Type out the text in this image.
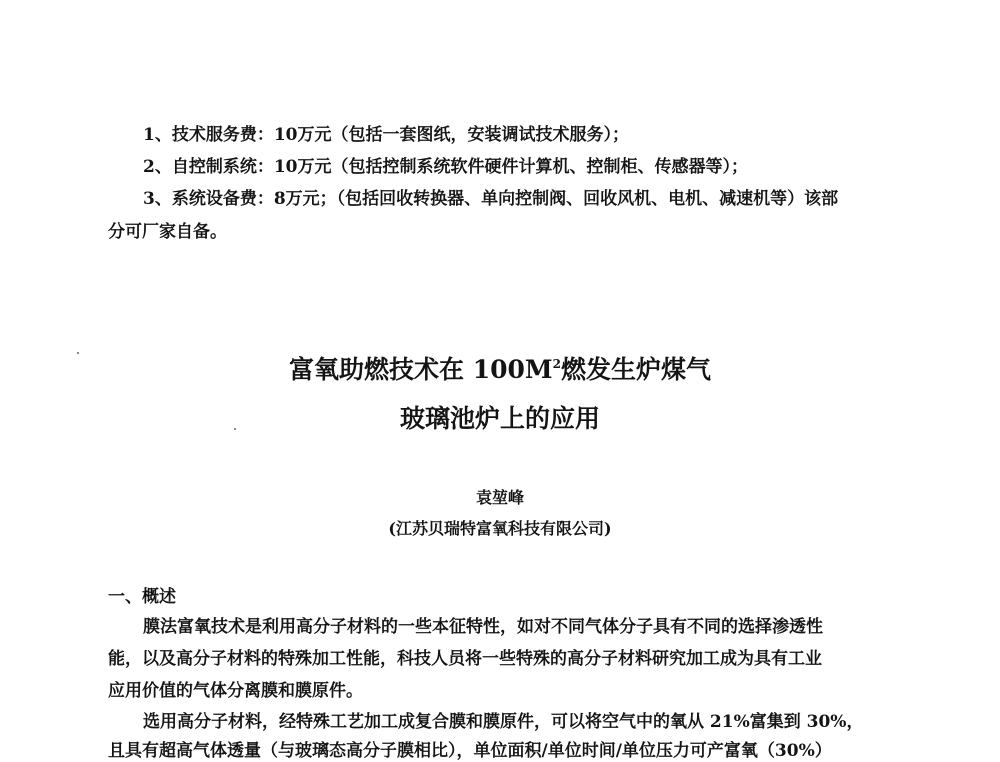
1、技术服务费：10万元（包括一套图纸，安装调试技术服务）；
2、自控制系统：10万元（包括控制系统软件硬件计算机、控制柜、传感器等）；
3、系统设备费：8万元；（包括回收转换器、单向控制阀、回收风机、电机、减速机等）该部
分可厂家自备。
富氧助燃技术在 $100M^2$燃发生炉煤气
玻璃池炉上的应用
袁堃峰
(江苏贝瑞特富氧科技有限公司)
一、概述
膜法富氧技术是利用高分子材料的一些本征特性，如对不同气体分子具有不同的选择渗透性
能，以及高分子材料的特殊加工性能，科技人员将一些特殊的高分子材料研究加工成为具有工业
应用价值的气体分离膜和膜原件。
选用高分子材料，经特殊工艺加工成复合膜和膜原件，可以将空气中的氧从 21%富集到 30%，
且具有超高气体透量（与玻璃态高分子膜相比），单位面积/单位时间/单位压力可产富氧（30%）
